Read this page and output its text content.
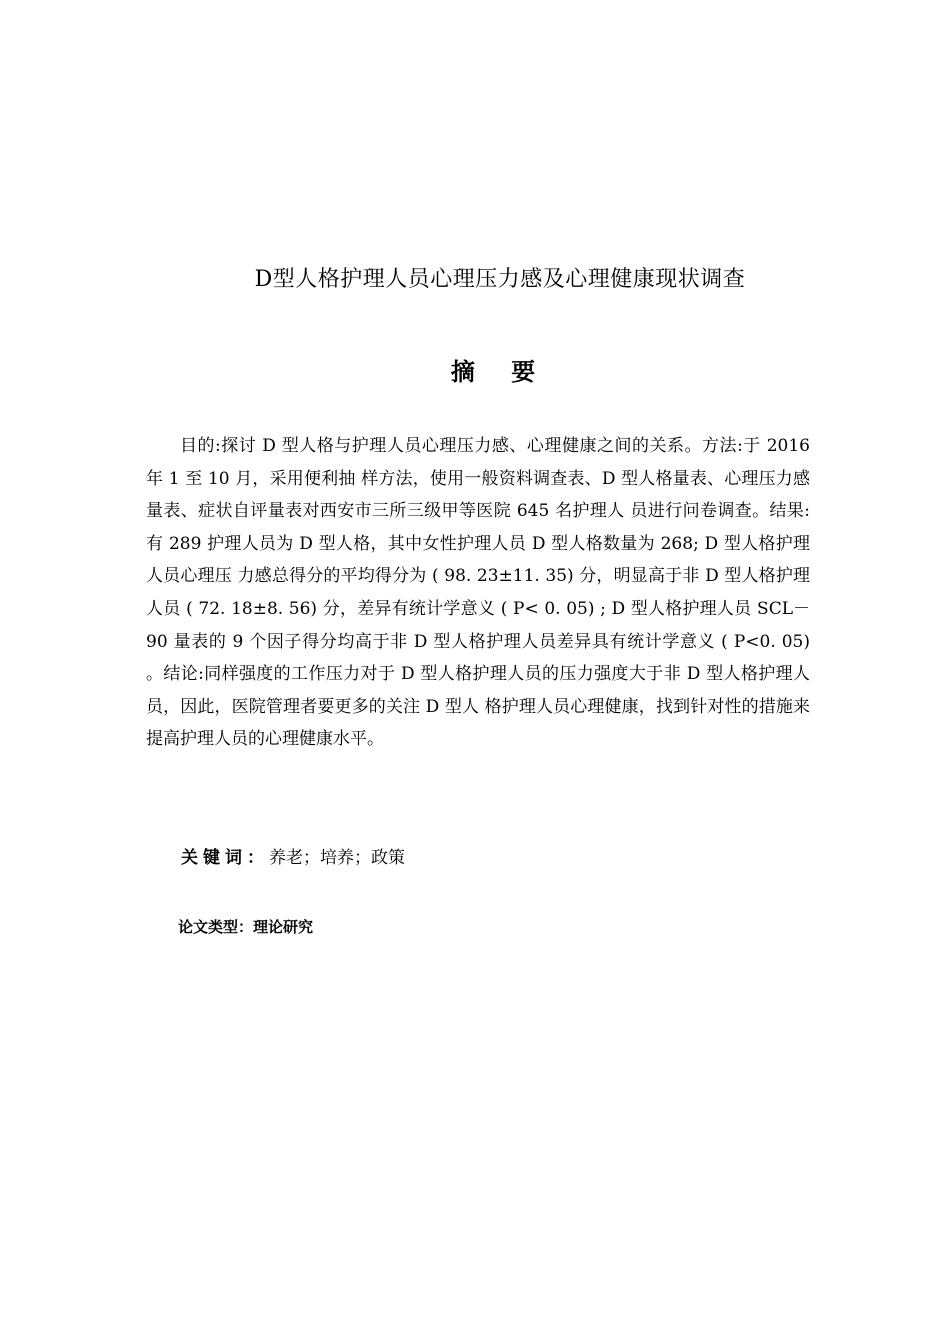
D型人格护理人员心理压力感及心理健康现状调查
摘 要

目的:探讨 D 型人格与护理人员心理压力感、心理健康之间的关系。方法:于 2016 年 1 至 10 月，采用便利抽 样方法，使用一般资料调查表、D 型人格量表、心理压力感量表、症状自评量表对西安市三所三级甲等医院 645 名护理人 员进行问卷调查。结果:有 289 护理人员为 D 型人格，其中女性护理人员 D 型人格数量为 268; D 型人格护理人员心理压 力感总得分的平均得分为 ( 98. 23±11. 35) 分，明显高于非 D 型人格护理人员 ( 72. 18±8. 56) 分，差异有统计学意义 ( P< 0. 05) ; D 型人格护理人员 SCL－90 量表的 9 个因子得分均高于非 D 型人格护理人员差异具有统计学意义 ( P<0. 05) 。结论:同样强度的工作压力对于 D 型人格护理人员的压力强度大于非 D 型人格护理人员，因此，医院管理者要更多的关注 D 型人 格护理人员心理健康，找到针对性的措施来提高护理人员的心理健康水平。

关键词：养老；培养；政策
论文类型：理论研究
